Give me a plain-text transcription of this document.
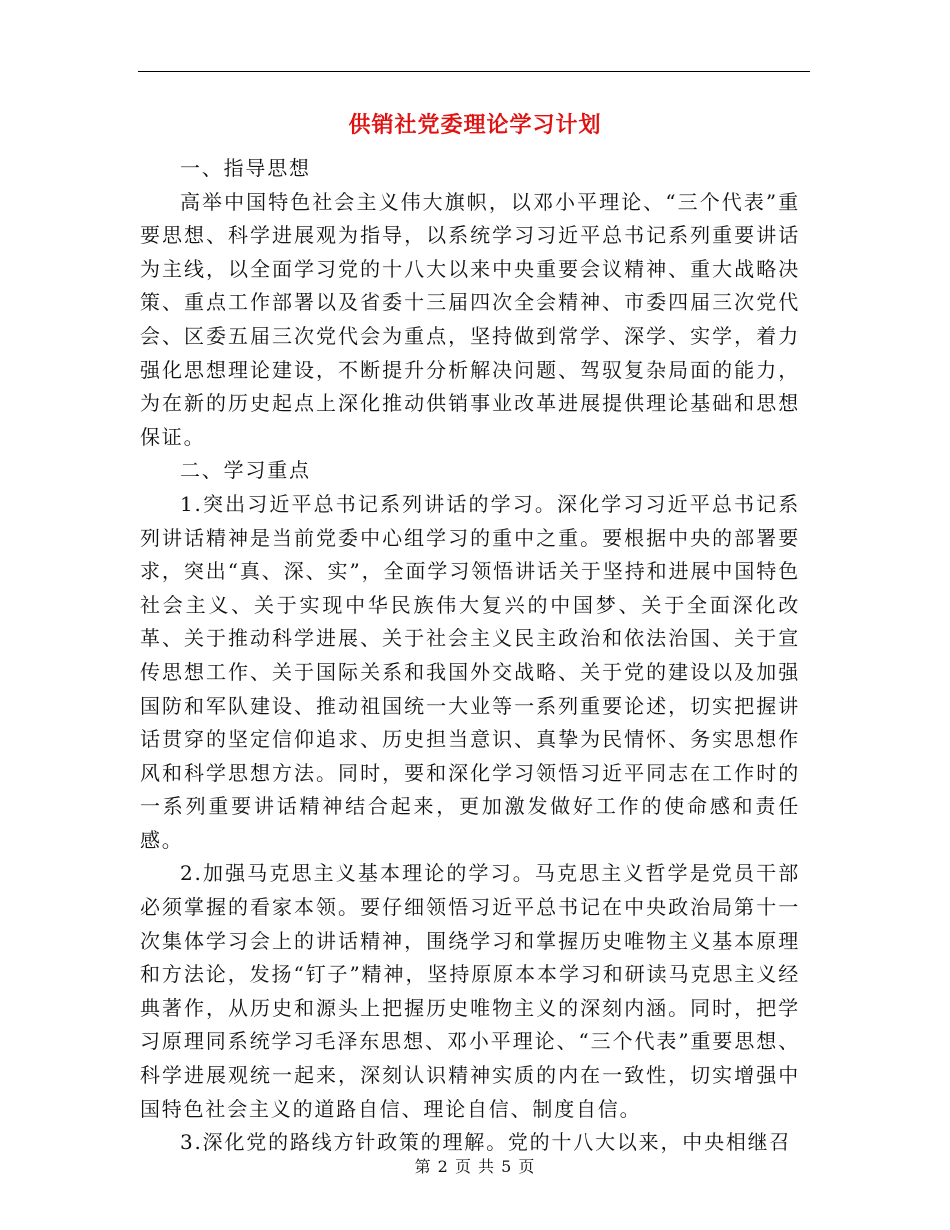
供销社党委理论学习计划

一、指导思想

高举中国特色社会主义伟大旗帜，以邓小平理论、“三个代表”重要思想、科学进展观为指导，以系统学习习近平总书记系列重要讲话为主线，以全面学习党的十八大以来中央重要会议精神、重大战略决策、重点工作部署以及省委十三届四次全会精神、市委四届三次党代会、区委五届三次党代会为重点，坚持做到常学、深学、实学，着力强化思想理论建设，不断提升分析解决问题、驾驭复杂局面的能力，为在新的历史起点上深化推动供销事业改革进展提供理论基础和思想保证。

二、学习重点

1.突出习近平总书记系列讲话的学习。深化学习习近平总书记系列讲话精神是当前党委中心组学习的重中之重。要根据中央的部署要求，突出“真、深、实”，全面学习领悟讲话关于坚持和进展中国特色社会主义、关于实现中华民族伟大复兴的中国梦、关于全面深化改革、关于推动科学进展、关于社会主义民主政治和依法治国、关于宣传思想工作、关于国际关系和我国外交战略、关于党的建设以及加强国防和军队建设、推动祖国统一大业等一系列重要论述，切实把握讲话贯穿的坚定信仰追求、历史担当意识、真挚为民情怀、务实思想作风和科学思想方法。同时，要和深化学习领悟习近平同志在工作时的一系列重要讲话精神结合起来，更加激发做好工作的使命感和责任感。

2.加强马克思主义基本理论的学习。马克思主义哲学是党员干部必须掌握的看家本领。要仔细领悟习近平总书记在中央政治局第十一次集体学习会上的讲话精神，围绕学习和掌握历史唯物主义基本原理和方法论，发扬“钉子”精神，坚持原原本本学习和研读马克思主义经典著作，从历史和源头上把握历史唯物主义的深刻内涵。同时，把学习原理同系统学习毛泽东思想、邓小平理论、“三个代表”重要思想、科学进展观统一起来，深刻认识精神实质的内在一致性，切实增强中国特色社会主义的道路自信、理论自信、制度自信。

3.深化党的路线方针政策的理解。党的十八大以来，中央相继召

第 2 页 共 5 页
